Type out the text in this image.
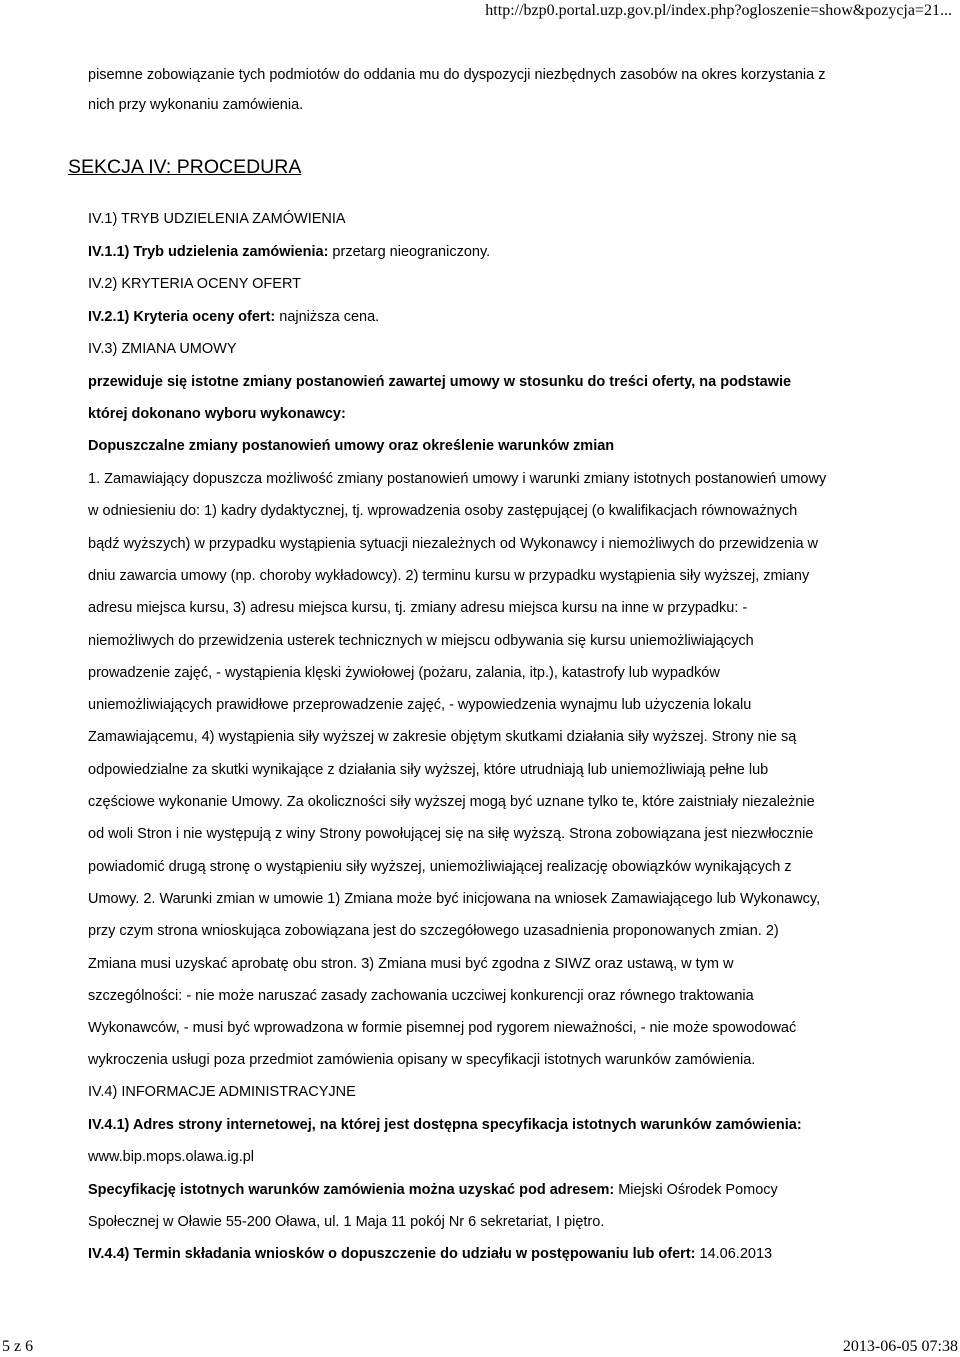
http://bzp0.portal.uzp.gov.pl/index.php?ogloszenie=show&pozycja=21...
pisemne zobowiązanie tych podmiotów do oddania mu do dyspozycji niezbędnych zasobów na okres korzystania z
nich przy wykonaniu zamówienia.
SEKCJA IV: PROCEDURA
IV.1) TRYB UDZIELENIA ZAMÓWIENIA
IV.1.1) Tryb udzielenia zamówienia: przetarg nieograniczony.
IV.2) KRYTERIA OCENY OFERT
IV.2.1) Kryteria oceny ofert: najniższa cena.
IV.3) ZMIANA UMOWY
przewiduje się istotne zmiany postanowień zawartej umowy w stosunku do treści oferty, na podstawie
której dokonano wyboru wykonawcy:
Dopuszczalne zmiany postanowień umowy oraz określenie warunków zmian
1. Zamawiający dopuszcza możliwość zmiany postanowień umowy i warunki zmiany istotnych postanowień umowy
w odniesieniu do: 1) kadry dydaktycznej, tj. wprowadzenia osoby zastępującej (o kwalifikacjach równoważnych
bądź wyższych) w przypadku wystąpienia sytuacji niezależnych od Wykonawcy i niemożliwych do przewidzenia w
dniu zawarcia umowy (np. choroby wykładowcy). 2) terminu kursu w przypadku wystąpienia siły wyższej, zmiany
adresu miejsca kursu, 3) adresu miejsca kursu, tj. zmiany adresu miejsca kursu na inne w przypadku: -
niemożliwych do przewidzenia usterek technicznych w miejscu odbywania się kursu uniemożliwiających
prowadzenie zajęć, - wystąpienia klęski żywiołowej (pożaru, zalania, itp.), katastrofy lub wypadków
uniemożliwiających prawidłowe przeprowadzenie zajęć, - wypowiedzenia wynajmu lub użyczenia lokalu
Zamawiającemu, 4) wystąpienia siły wyższej w zakresie objętym skutkami działania siły wyższej. Strony nie są
odpowiedzialne za skutki wynikające z działania siły wyższej, które utrudniają lub uniemożliwiają pełne lub
częściowe wykonanie Umowy. Za okoliczności siły wyższej mogą być uznane tylko te, które zaistniały niezależnie
od woli Stron i nie występują z winy Strony powołującej się na siłę wyższą. Strona zobowiązana jest niezwłocznie
powiadomić drugą stronę o wystąpieniu siły wyższej, uniemożliwiającej realizację obowiązków wynikających z
Umowy. 2. Warunki zmian w umowie 1) Zmiana może być inicjowana na wniosek Zamawiającego lub Wykonawcy,
przy czym strona wnioskująca zobowiązana jest do szczegółowego uzasadnienia proponowanych zmian. 2)
Zmiana musi uzyskać aprobatę obu stron. 3) Zmiana musi być zgodna z SIWZ oraz ustawą, w tym w
szczególności: - nie może naruszać zasady zachowania uczciwej konkurencji oraz równego traktowania
Wykonawców, - musi być wprowadzona w formie pisemnej pod rygorem nieważności, - nie może spowodować
wykroczenia usługi poza przedmiot zamówienia opisany w specyfikacji istotnych warunków zamówienia.
IV.4) INFORMACJE ADMINISTRACYJNE
IV.4.1) Adres strony internetowej, na której jest dostępna specyfikacja istotnych warunków zamówienia:
www.bip.mops.olawa.ig.pl
Specyfikację istotnych warunków zamówienia można uzyskać pod adresem: Miejski Ośrodek Pomocy
Społecznej w Oławie 55-200 Oława, ul. 1 Maja 11 pokój Nr 6 sekretariat, I piętro.
IV.4.4) Termin składania wniosków o dopuszczenie do udziału w postępowaniu lub ofert: 14.06.2013
5 z 6	2013-06-05 07:38
